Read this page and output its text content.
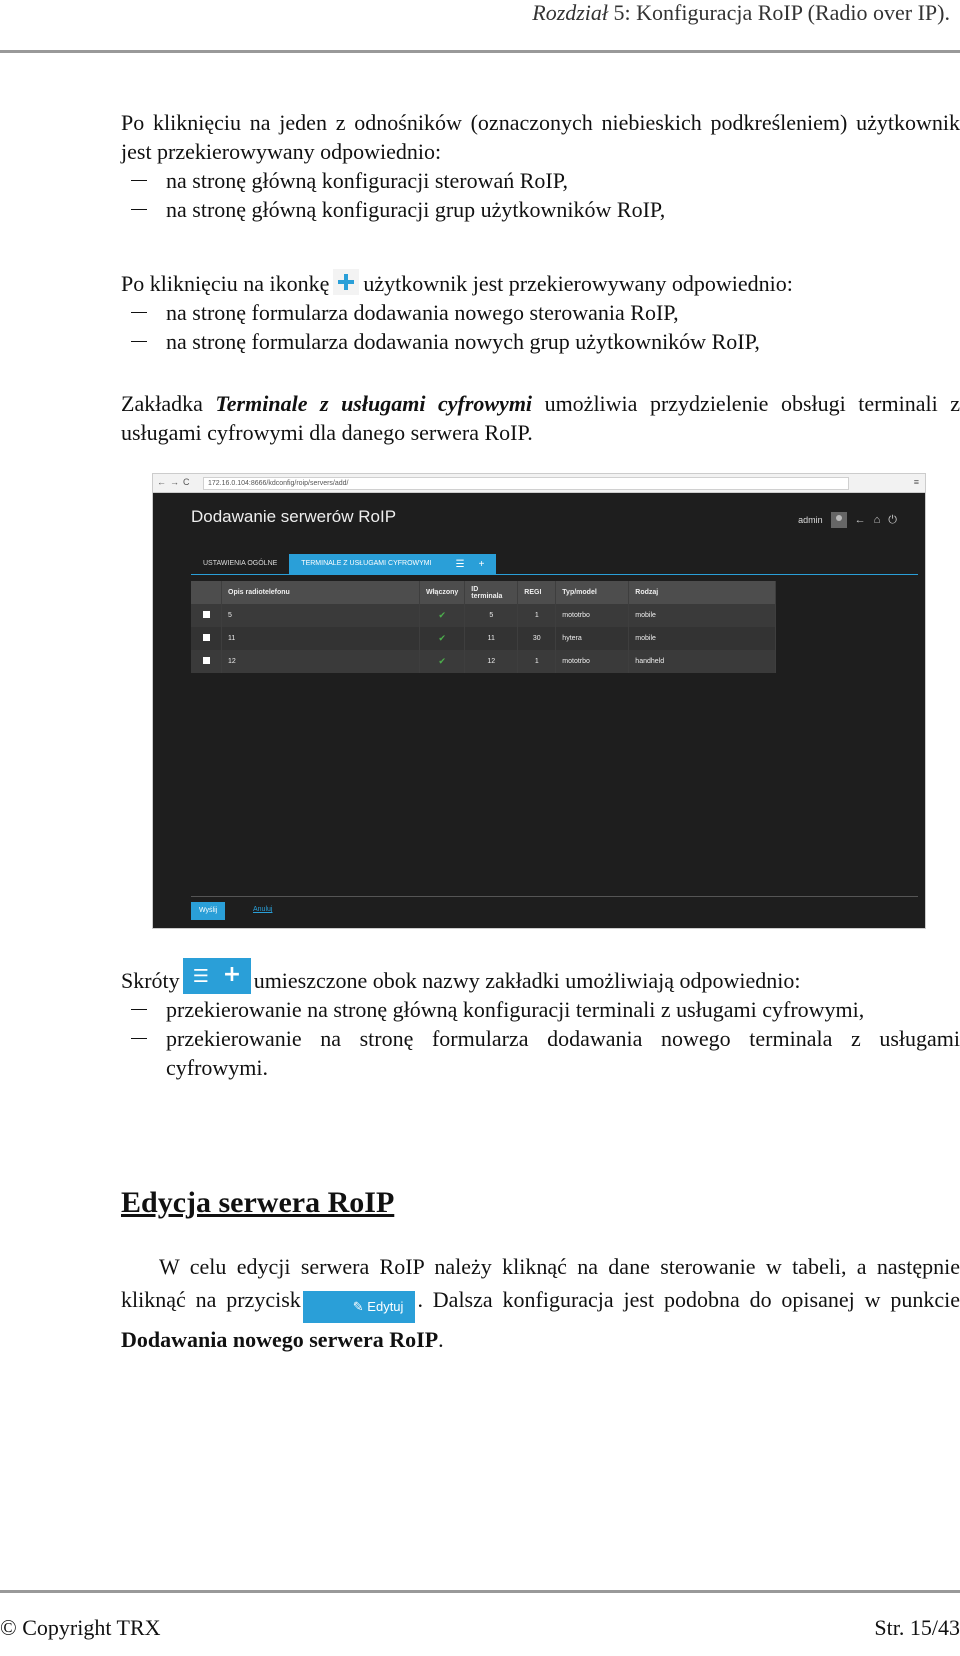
Rozdział 5: Konfiguracja RoIP (Radio over IP).
Po kliknięciu na jeden z odnośników (oznaczonych niebieskich podkreśleniem) użytkownik jest przekierowywany odpowiednio:
na stronę główną konfiguracji sterowań RoIP,
na stronę główną konfiguracji grup użytkowników RoIP,
Po kliknięciu na ikonkę użytkownik jest przekierowywany odpowiednio:
na stronę formularza dodawania nowego sterowania RoIP,
na stronę formularza dodawania nowych grup użytkowników RoIP,
Zakładka Terminale z usługami cyfrowymi umożliwia przydzielenie obsługi terminali z usługami cyfrowymi dla danego serwera RoIP.
←→C	172.16.0.104:8666/kdconfig/roip/servers/add/	≡
Dodawanie serwerów RoIP	admin	← ⌂ ⏻
USTAWIENIA OGÓLNE	TERMINALE Z USŁUGAMI CYFROWYMI	☰ +
	Opis radiotelefonu	Włączony	ID terminala	REGI	Typ/model	Rodzaj
	5	✔	5	1	mototrbo	mobile
	11	✔	11	30	hytera	mobile
	12	✔	12	1	mototrbo	handheld
Wyślij	Anuluj
Skróty ☰ + umieszczone obok nazwy zakładki umożliwiają odpowiednio:
przekierowanie na stronę główną konfiguracji terminali z usługami cyfrowymi,
przekierowanie na stronę formularza dodawania nowego terminala z usługami cyfrowymi.
Edycja serwera RoIP
W celu edycji serwera RoIP należy kliknąć na dane sterowanie w tabeli, a następnie kliknąć na przycisk	✎ Edytuj . Dalsza konfiguracja jest podobna do opisanej w punkcie Dodawania nowego serwera RoIP.
© Copyright TRX	Str. 15/43
